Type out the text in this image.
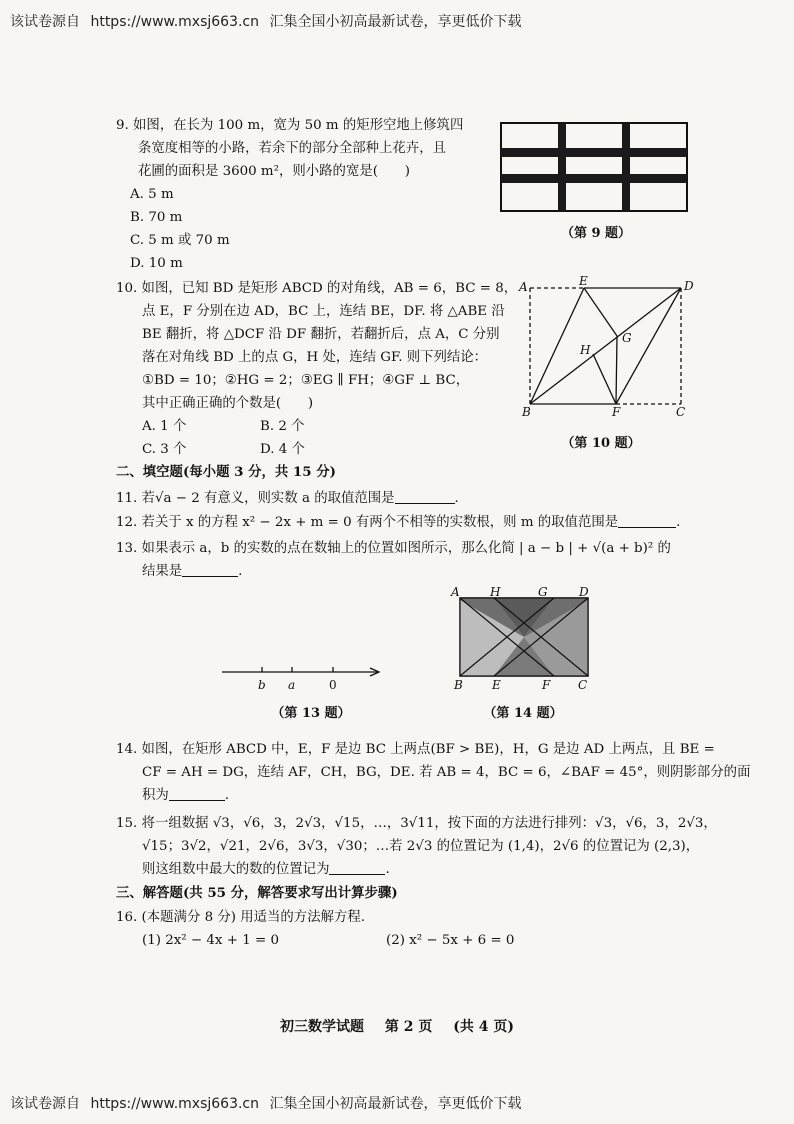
该试卷源自 https://www.mxsj663.cn 汇集全国小初高最新试卷，享更低价下载
9. 如图，在长为 100 m，宽为 50 m 的矩形空地上修筑四
条宽度相等的小路，若余下的部分全部种上花卉，且
花圃的面积是 3600 m²，则小路的宽是(　　)
A. 5 m
B. 70 m
C. 5 m 或 70 m
D. 10 m
（第 9 题）
10. 如图，已知 BD 是矩形 ABCD 的对角线，AB = 6，BC = 8，
点 E，F 分别在边 AD，BC 上，连结 BE，DF. 将 △ABE 沿
BE 翻折，将 △DCF 沿 DF 翻折，若翻折后，点 A，C 分别
落在对角线 BD 上的点 G，H 处，连结 GF. 则下列结论：
①BD = 10；②HG = 2；③EG ∥ FH；④GF ⊥ BC，
其中正确正确的个数是(　　)
A. 1 个	B. 2 个
C. 3 个	D. 4 个
A	E	D
G
H
B	F	C
（第 10 题）
二、填空题(每小题 3 分，共 15 分)
11. 若√a − 2 有意义，则实数 a 的取值范围是	.
12. 若关于 x 的方程 x² − 2x + m = 0 有两个不相等的实数根，则 m 的取值范围是	.
13. 如果表示 a，b 的实数的点在数轴上的位置如图所示，那么化简 | a − b | + √(a + b)² 的
结果是	.
b a	0
（第 13 题）
A	H	G	D
B E	F C
（第 14 题）
14. 如图，在矩形 ABCD 中，E，F 是边 BC 上两点(BF > BE)，H，G 是边 AD 上两点，且 BE =
CF = AH = DG，连结 AF，CH，BG，DE. 若 AB = 4，BC = 6，∠BAF = 45°，则阴影部分的面
积为	.
15. 将一组数据 √3，√6，3，2√3，√15，…，3√11，按下面的方法进行排列：√3，√6，3，2√3，
√15；3√2，√21，2√6，3√3，√30；…若 2√3 的位置记为 (1,4)，2√6 的位置记为 (2,3)，
则这组数中最大的数的位置记为	.
三、解答题(共 55 分，解答要求写出计算步骤)
16. (本题满分 8 分) 用适当的方法解方程.
(1) 2x² − 4x + 1 = 0	(2) x² − 5x + 6 = 0
初三数学试题 第 2 页 (共 4 页)
该试卷源自 https://www.mxsj663.cn 汇集全国小初高最新试卷，享更低价下载
